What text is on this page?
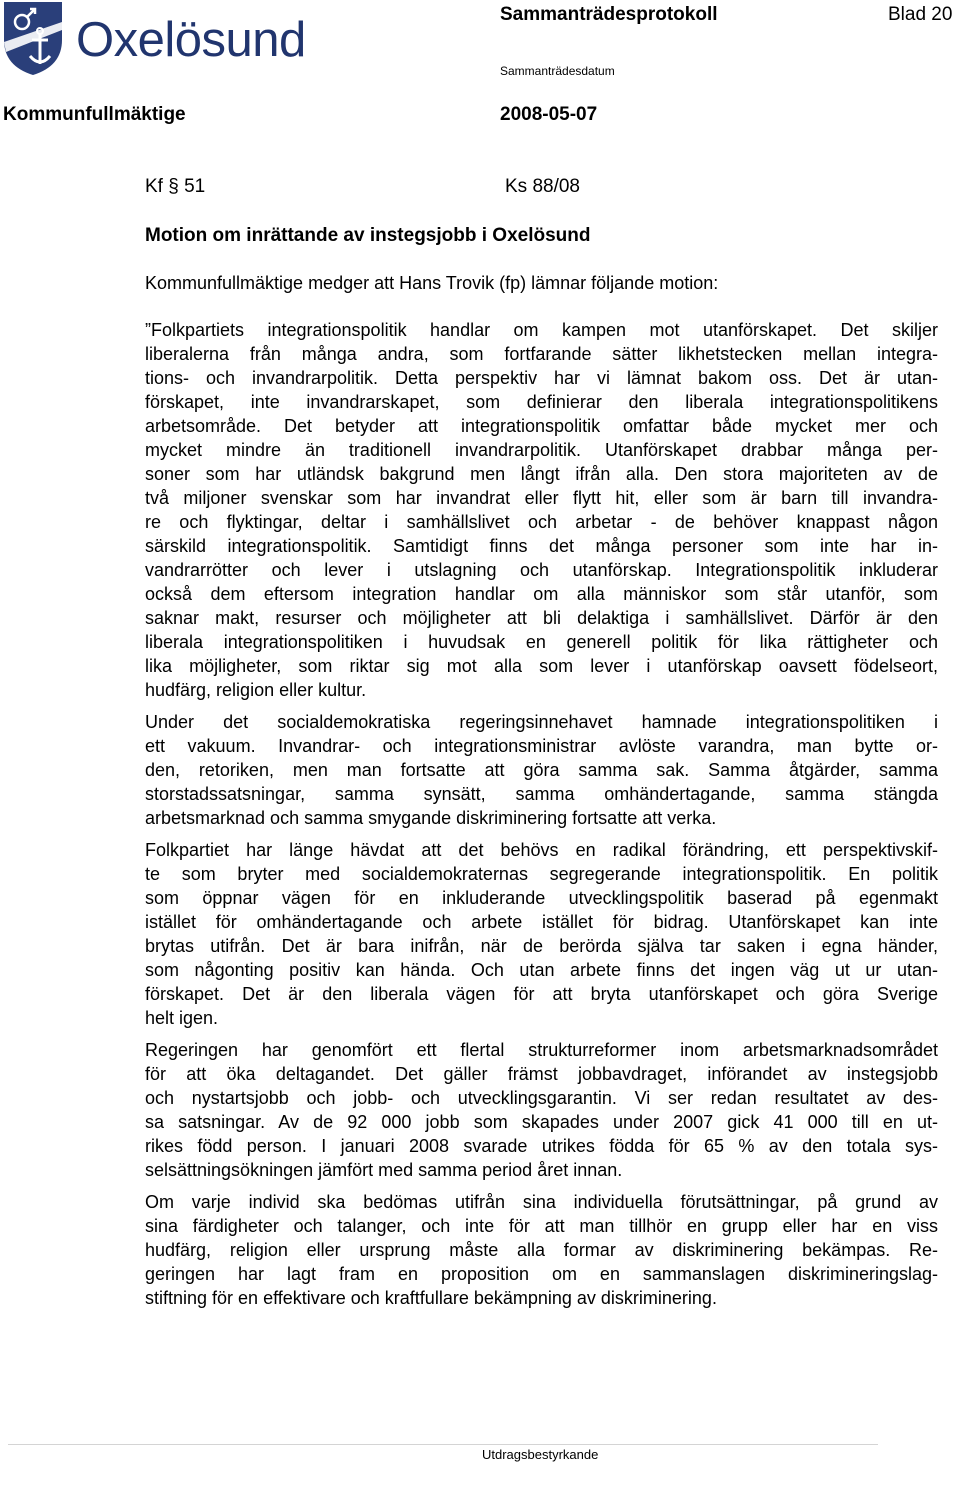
Oxelösund	Sammanträdesprotokoll	Blad 20
Sammanträdesdatum
Kommunfullmäktige	2008-05-07
Kf § 51	Ks 88/08
Motion om inrättande av instegsjobb i Oxelösund
Kommunfullmäktige medger att Hans Trovik (fp) lämnar följande motion:
”Folkpartiets integrationspolitik handlar om kampen mot utanförskapet. Det skiljer
liberalerna från många andra, som fortfarande sätter likhetstecken mellan integra-
tions- och invandrarpolitik. Detta perspektiv har vi lämnat bakom oss. Det är utan-
förskapet, inte invandrarskapet, som definierar den liberala integrationspolitikens
arbetsområde. Det betyder att integrationspolitik omfattar både mycket mer och
mycket mindre än traditionell invandrarpolitik. Utanförskapet drabbar många per-
soner som har utländsk bakgrund men långt ifrån alla. Den stora majoriteten av de
två miljoner svenskar som har invandrat eller flytt hit, eller som är barn till invandra-
re och flyktingar, deltar i samhällslivet och arbetar - de behöver knappast någon
särskild integrationspolitik. Samtidigt finns det många personer som inte har in-
vandrarrötter och lever i utslagning och utanförskap. Integrationspolitik inkluderar
också dem eftersom integration handlar om alla människor som står utanför, som
saknar makt, resurser och möjligheter att bli delaktiga i samhällslivet. Därför är den
liberala integrationspolitiken i huvudsak en generell politik för lika rättigheter och
lika möjligheter, som riktar sig mot alla som lever i utanförskap oavsett födelseort,
hudfärg, religion eller kultur.
Under det socialdemokratiska regeringsinnehavet hamnade integrationspolitiken i
ett vakuum. Invandrar- och integrationsministrar avlöste varandra, man bytte or-
den, retoriken, men man fortsatte att göra samma sak. Samma åtgärder, samma
storstadssatsningar, samma synsätt, samma omhändertagande, samma stängda
arbetsmarknad och samma smygande diskriminering fortsatte att verka.
Folkpartiet har länge hävdat att det behövs en radikal förändring, ett perspektivskif-
te som bryter med socialdemokraternas segregerande integrationspolitik. En politik
som öppnar vägen för en inkluderande utvecklingspolitik baserad på egenmakt
istället för omhändertagande och arbete istället för bidrag. Utanförskapet kan inte
brytas utifrån. Det är bara inifrån, när de berörda själva tar saken i egna händer,
som någonting positiv kan hända. Och utan arbete finns det ingen väg ut ur utan-
förskapet. Det är den liberala vägen för att bryta utanförskapet och göra Sverige
helt igen.
Regeringen har genomfört ett flertal strukturreformer inom arbetsmarknadsområdet
för att öka deltagandet. Det gäller främst jobbavdraget, införandet av instegsjobb
och nystartsjobb och jobb- och utvecklingsgarantin. Vi ser redan resultatet av des-
sa satsningar. Av de 92 000 jobb som skapades under 2007 gick 41 000 till en ut-
rikes född person. I januari 2008 svarade utrikes födda för 65 % av den totala sys-
selsättningsökningen jämfört med samma period året innan.
Om varje individ ska bedömas utifrån sina individuella förutsättningar, på grund av
sina färdigheter och talanger, och inte för att man tillhör en grupp eller har en viss
hudfärg, religion eller ursprung måste alla formar av diskriminering bekämpas. Re-
geringen har lagt fram en proposition om en sammanslagen diskrimineringslag-
stiftning för en effektivare och kraftfullare bekämpning av diskriminering.
Utdragsbestyrkande
